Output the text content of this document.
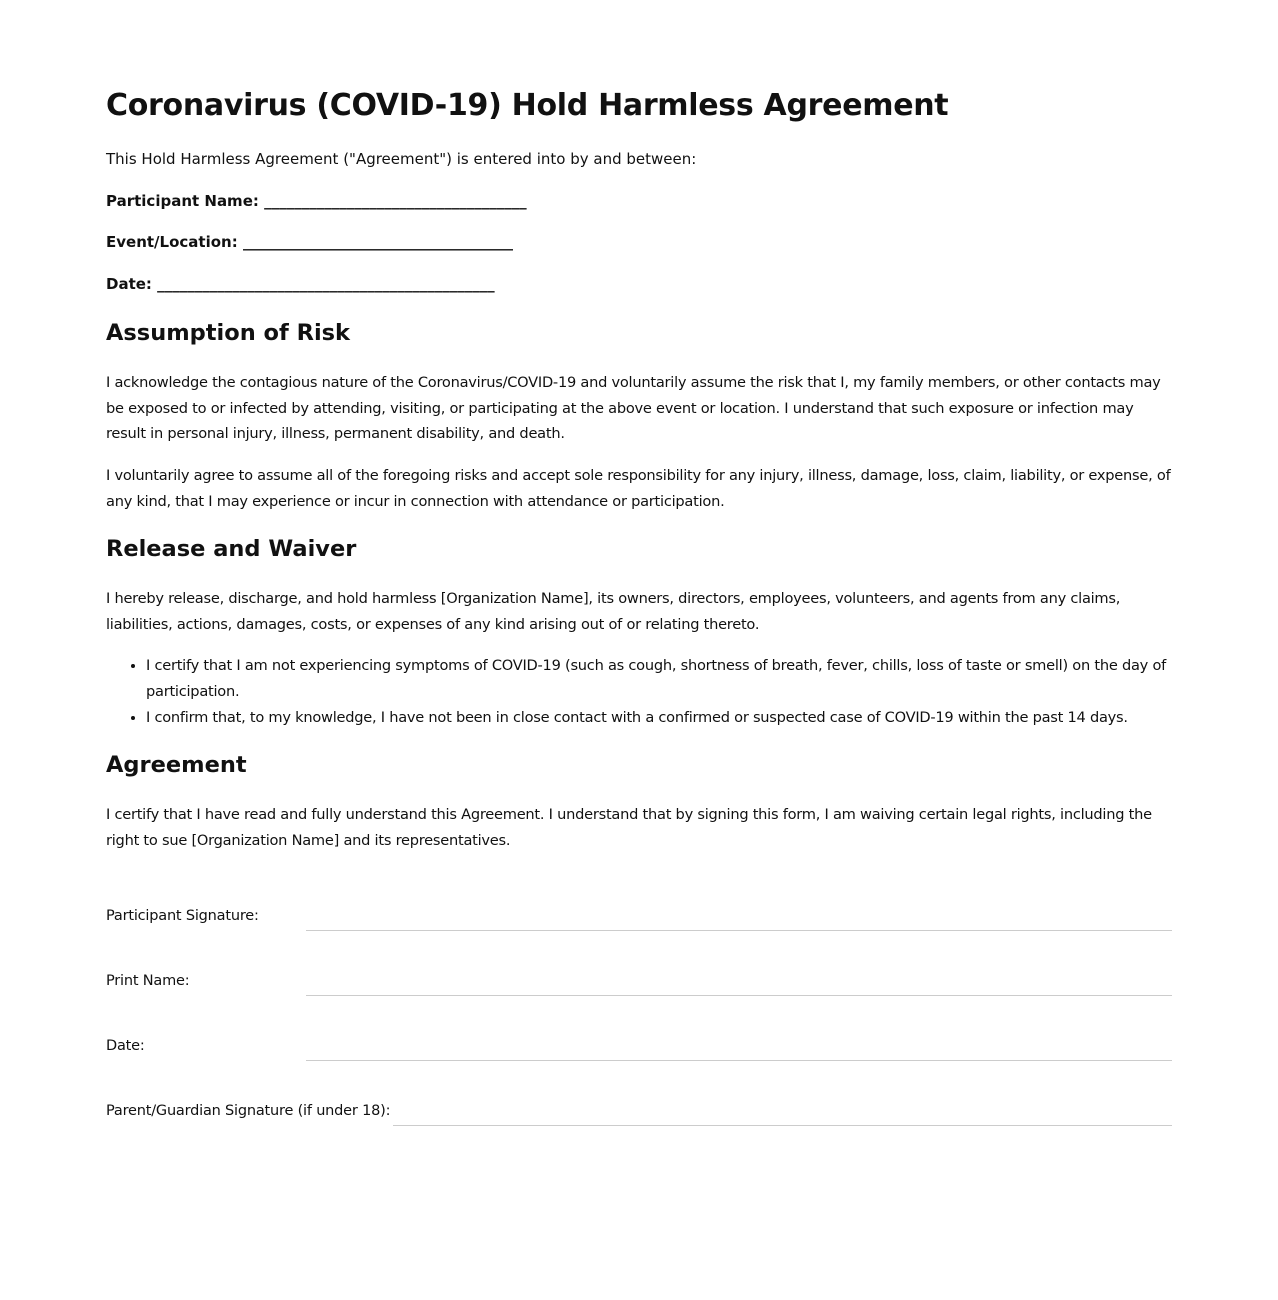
Coronavirus (COVID-19) Hold Harmless Agreement

This Hold Harmless Agreement ("Agreement") is entered into by and between:

Participant Name: ___________________________________

Event/Location: ____________________________________

Date: _____________________________________________

Assumption of Risk

I acknowledge the contagious nature of the Coronavirus/COVID-19 and voluntarily assume the risk that I, my family members, or other contacts may be exposed to or infected by attending, visiting, or participating at the above event or location. I understand that such exposure or infection may result in personal injury, illness, permanent disability, and death.

I voluntarily agree to assume all of the foregoing risks and accept sole responsibility for any injury, illness, damage, loss, claim, liability, or expense, of any kind, that I may experience or incur in connection with attendance or participation.

Release and Waiver

I hereby release, discharge, and hold harmless [Organization Name], its owners, directors, employees, volunteers, and agents from any claims, liabilities, actions, damages, costs, or expenses of any kind arising out of or relating thereto.

• I certify that I am not experiencing symptoms of COVID-19 (such as cough, shortness of breath, fever, chills, loss of taste or smell) on the day of participation.
• I confirm that, to my knowledge, I have not been in close contact with a confirmed or suspected case of COVID-19 within the past 14 days.
Agreement

I certify that I have read and fully understand this Agreement. I understand that by signing this form, I am waiving certain legal rights, including the right to sue [Organization Name] and its representatives.

Participant Signature:
Print Name:
Date:
Parent/Guardian Signature (if under 18):
